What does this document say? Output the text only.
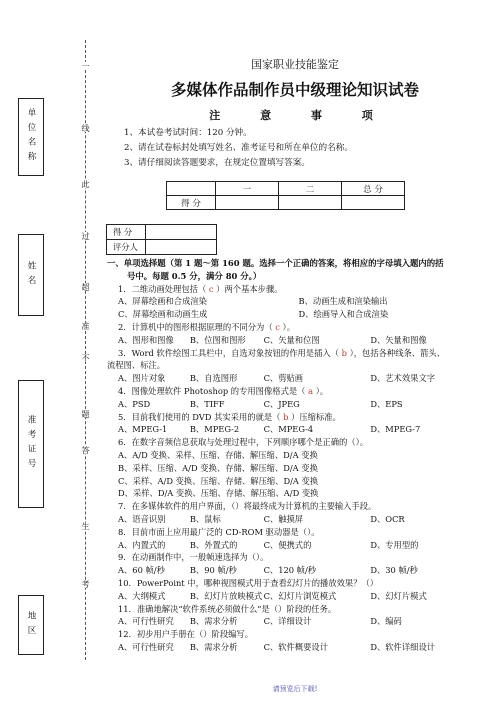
单位名称
姓名
准考证号
地区
一
线
此
过
超
准
不
题
答
生
考
国家职业技能鉴定
多媒体作品制作员中级理论知识试卷
注 意 事 项
1、本试卷考试时间：120 分钟。
2、请在试卷标封处填写姓名、准考证号和所在单位的名称。
3、请仔细阅读答题要求，在规定位置填写答案。
	一	二	总 分
得 分			
得 分	
评分人	
一、单项选择题（第 1 题～第 160 题。选择一个正确的答案，将相应的字母填入题内的括
号中。每题 0.5 分，满分 80 分。）
1．二维动画处理包括（ c ）两个基本步骤。
A、屏幕绘画和合成渲染	B、动画生成和渲染输出
C、屏幕绘画和动画生成	D、绘画导入和合成渲染
2．计算机中的图形根据原理的不同分为（ c ）。
A、图形和图像	B、位图和图形	C、矢量和位图	D、矢量和图像
3．Word 软件绘图工具栏中，自选对象按钮的作用是插入（ b ），包括各种线条、箭头、
流程图、标注。
A、图片对象	B、自选图形	C、剪贴画	D、艺术效果文字
4．图像处理软件 Photoshop 的专用图像格式是（ a ）。
A、PSD	B、TIFF	C、JPEG	D、EPS
5．目前我们使用的 DVD 其实采用的就是（ b ）压缩标准。
A、MPEG-1	B、MPEG-2	C、MPEG-4	D、MPEG-7
6．在数字音频信息获取与处理过程中，下列顺序哪个是正确的（）。
A、A/D 变换、采样、压缩、存储、解压缩、D/A 变换
B、采样、压缩、A/D 变换、存储、解压缩、D/A 变换
C、采样、A/D 变换、压缩、存储、解压缩、D/A 变换
D、采样、D/A 变换、压缩、存储、解压缩、A/D 变换
7．在多媒体软件的用户界面，（）将最终成为计算机的主要输入手段。
A、语音识别	B、鼠标	C、触摸屏	D、OCR
8．目前市面上应用最广泛的 CD-ROM 驱动器是（）。
A、内置式的	B、外置式的	C、便携式的	D、专用型的
9．在动画制作中，一般帧速选择为（）。
A、60 帧/秒	B、90 帧/秒	C、120 帧/秒	D、30 帧/秒
10．PowerPoint 中，哪种视图模式用于查看幻灯片的播放效果？（）
A、大纲模式	B、幻灯片放映模式 C、幻灯片浏览模式	D、幻灯片模式
11．准确地解决“软件系统必须做什么”是（）阶段的任务。
A、可行性研究	B、需求分析	C、详细设计	D、编码
12．初步用户手册在（）阶段编写。
A、可行性研究	B、需求分析	C、软件概要设计	D、软件详细设计
请预览后下载!
